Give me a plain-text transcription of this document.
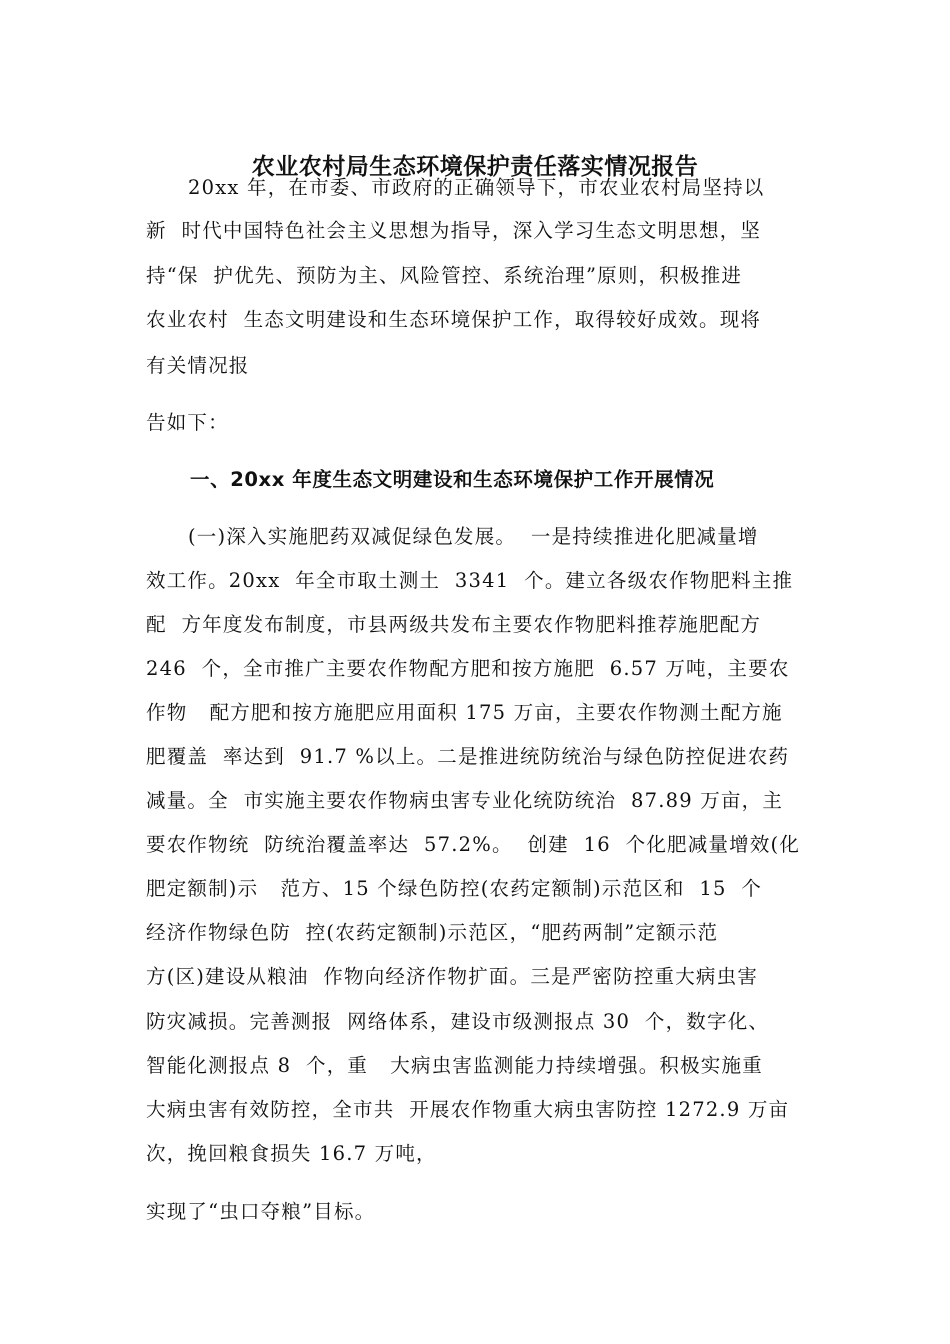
农业农村局生态环境保护责任落实情况报告
20xx 年，在市委、市政府的正确领导下，市农业农村局坚持以
新  时代中国特色社会主义思想为指导，深入学习生态文明思想，坚
持“保  护优先、预防为主、风险管控、系统治理”原则，积极推进
农业农村  生态文明建设和生态环境保护工作，取得较好成效。现将
有关情况报
告如下：
一、20xx 年度生态文明建设和生态环境保护工作开展情况
(一)深入实施肥药双减促绿色发展。  一是持续推进化肥减量增
效工作。20xx  年全市取土测土  3341  个。建立各级农作物肥料主推
配  方年度发布制度，市县两级共发布主要农作物肥料推荐施肥配方
246  个，全市推广主要农作物配方肥和按方施肥  6.57 万吨，主要农
作物   配方肥和按方施肥应用面积 175 万亩，主要农作物测土配方施
肥覆盖  率达到  91.7 %以上。二是推进统防统治与绿色防控促进农药
减量。全  市实施主要农作物病虫害专业化统防统治  87.89 万亩，主
要农作物统  防统治覆盖率达  57.2%。  创建  16  个化肥减量增效(化
肥定额制)示   范方、15 个绿色防控(农药定额制)示范区和  15  个
经济作物绿色防  控(农药定额制)示范区，“肥药两制”定额示范
方(区)建设从粮油  作物向经济作物扩面。三是严密防控重大病虫害
防灾减损。完善测报  网络体系，建设市级测报点 30  个，数字化、
智能化测报点 8  个，重   大病虫害监测能力持续增强。积极实施重
大病虫害有效防控，全市共  开展农作物重大病虫害防控 1272.9 万亩
次，挽回粮食损失 16.7 万吨，
实现了“虫口夺粮”目标。
